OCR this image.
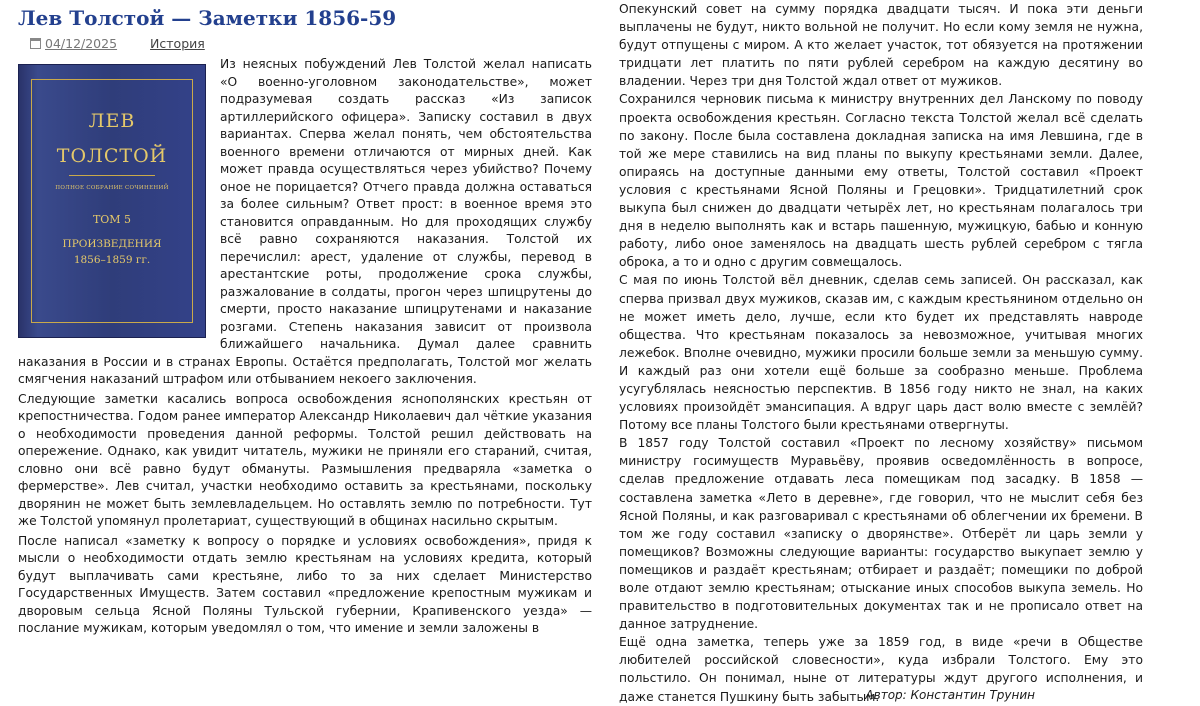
Лев Толстой — Заметки 1856-59
04/12/2025	История
ЛЕВ
ТОЛСТОЙ
ПОЛНОЕ СОБРАНИЕ СОЧИНЕНИЙ
ТОМ 5
ПРОИЗВЕДЕНИЯ
1856–1859 гг.

Из неясных побуждений Лев Толстой желал написать «О военно-уголовном законодательстве», может подразумевая создать рассказ «Из записок артиллерийского офицера». Записку составил в двух вариантах. Сперва желал понять, чем обстоятельства военного времени отличаются от мирных дней. Как может правда осуществляться через убийство? Почему оное не порицается? Отчего правда должна оставаться за более сильным? Ответ прост: в военное время это становится оправданным. Но для проходящих службу всё равно сохраняются наказания. Толстой их перечислил: арест, удаление от службы, перевод в арестантские роты, продолжение срока службы, разжалование в солдаты, прогон через шпицрутены до смерти, просто наказание шпицрутенами и наказание розгами. Степень наказания зависит от произвола ближайшего начальника. Думал далее сравнить наказания в России и в странах Европы. Остаётся предполагать, Толстой мог желать смягчения наказаний штрафом или отбыванием некоего заключения.

Следующие заметки касались вопроса освобождения яснополянских крестьян от крепостничества. Годом ранее император Александр Николаевич дал чёткие указания о необходимости проведения данной реформы. Толстой решил действовать на опережение. Однако, как увидит читатель, мужики не приняли его стараний, считая, словно они всё равно будут обмануты. Размышления предваряла «заметка о фермерстве». Лев считал, участки необходимо оставить за крестьянами, поскольку дворянин не может быть землевладельцем. Но оставлять землю по потребности. Тут же Толстой упомянул пролетариат, существующий в общинах насильно скрытым.

После написал «заметку к вопросу о порядке и условиях освобождения», придя к мысли о необходимости отдать землю крестьянам на условиях кредита, который будут выплачивать сами крестьяне, либо то за них сделает Министерство Государственных Имуществ. Затем составил «предложение крепостным мужикам и дворовым сельца Ясной Поляны Тульской губернии, Крапивенского уезда» — послание мужикам, которым уведомлял о том, что имение и земли заложены в

Опекунский совет на сумму порядка двадцати тысяч. И пока эти деньги выплачены не будут, никто вольной не получит. Но если кому земля не нужна, будут отпущены с миром. А кто желает участок, тот обязуется на протяжении тридцати лет платить по пяти рублей серебром на каждую десятину во владении. Через три дня Толстой ждал ответ от мужиков.

Сохранился черновик письма к министру внутренних дел Ланскому по поводу проекта освобождения крестьян. Согласно текста Толстой желал всё сделать по закону. После была составлена докладная записка на имя Левшина, где в той же мере ставились на вид планы по выкупу крестьянами земли. Далее, опираясь на доступные данными ему ответы, Толстой составил «Проект условия с крестьянами Ясной Поляны и Грецовки». Тридцатилетний срок выкупа был снижен до двадцати четырёх лет, но крестьянам полагалось три дня в неделю выполнять как и встарь пашенную, мужицкую, бабью и конную работу, либо оное заменялось на двадцать шесть рублей серебром с тягла оброка, а то и одно с другим совмещалось.

С мая по июнь Толстой вёл дневник, сделав семь записей. Он рассказал, как сперва призвал двух мужиков, сказав им, с каждым крестьянином отдельно он не может иметь дело, лучше, если кто будет их представлять навроде общества. Что крестьянам показалось за невозможное, учитывая многих лежебок. Вполне очевидно, мужики просили больше земли за меньшую сумму. И каждый раз они хотели ещё больше за сообразно меньше. Проблема усугублялась неясностью перспектив. В 1856 году никто не знал, на каких условиях произойдёт эмансипация. А вдруг царь даст волю вместе с землёй? Потому все планы Толстого были крестьянами отвергнуты.

В 1857 году Толстой составил «Проект по лесному хозяйству» письмом министру госимуществ Муравьёву, проявив осведомлённость в вопросе, сделав предложение отдавать леса помещикам под засадку. В 1858 — составлена заметка «Лето в деревне», где говорил, что не мыслит себя без Ясной Поляны, и как разговаривал с крестьянами об облегчении их бремени. В том же году составил «записку о дворянстве». Отберёт ли царь земли у помещиков? Возможны следующие варианты: государство выкупает землю у помещиков и раздаёт крестьянам; отбирает и раздаёт; помещики по доброй воле отдают землю крестьянам; отыскание иных способов выкупа земель. Но правительство в подготовительных документах так и не прописало ответ на данное затруднение.

Ещё одна заметка, теперь уже за 1859 год, в виде «речи в Обществе любителей российской словесности», куда избрали Толстого. Ему это польстило. Он понимал, ныне от литературы ждут другого исполнения, и даже станется Пушкину быть забытым.

Автор: Константин Трунин
